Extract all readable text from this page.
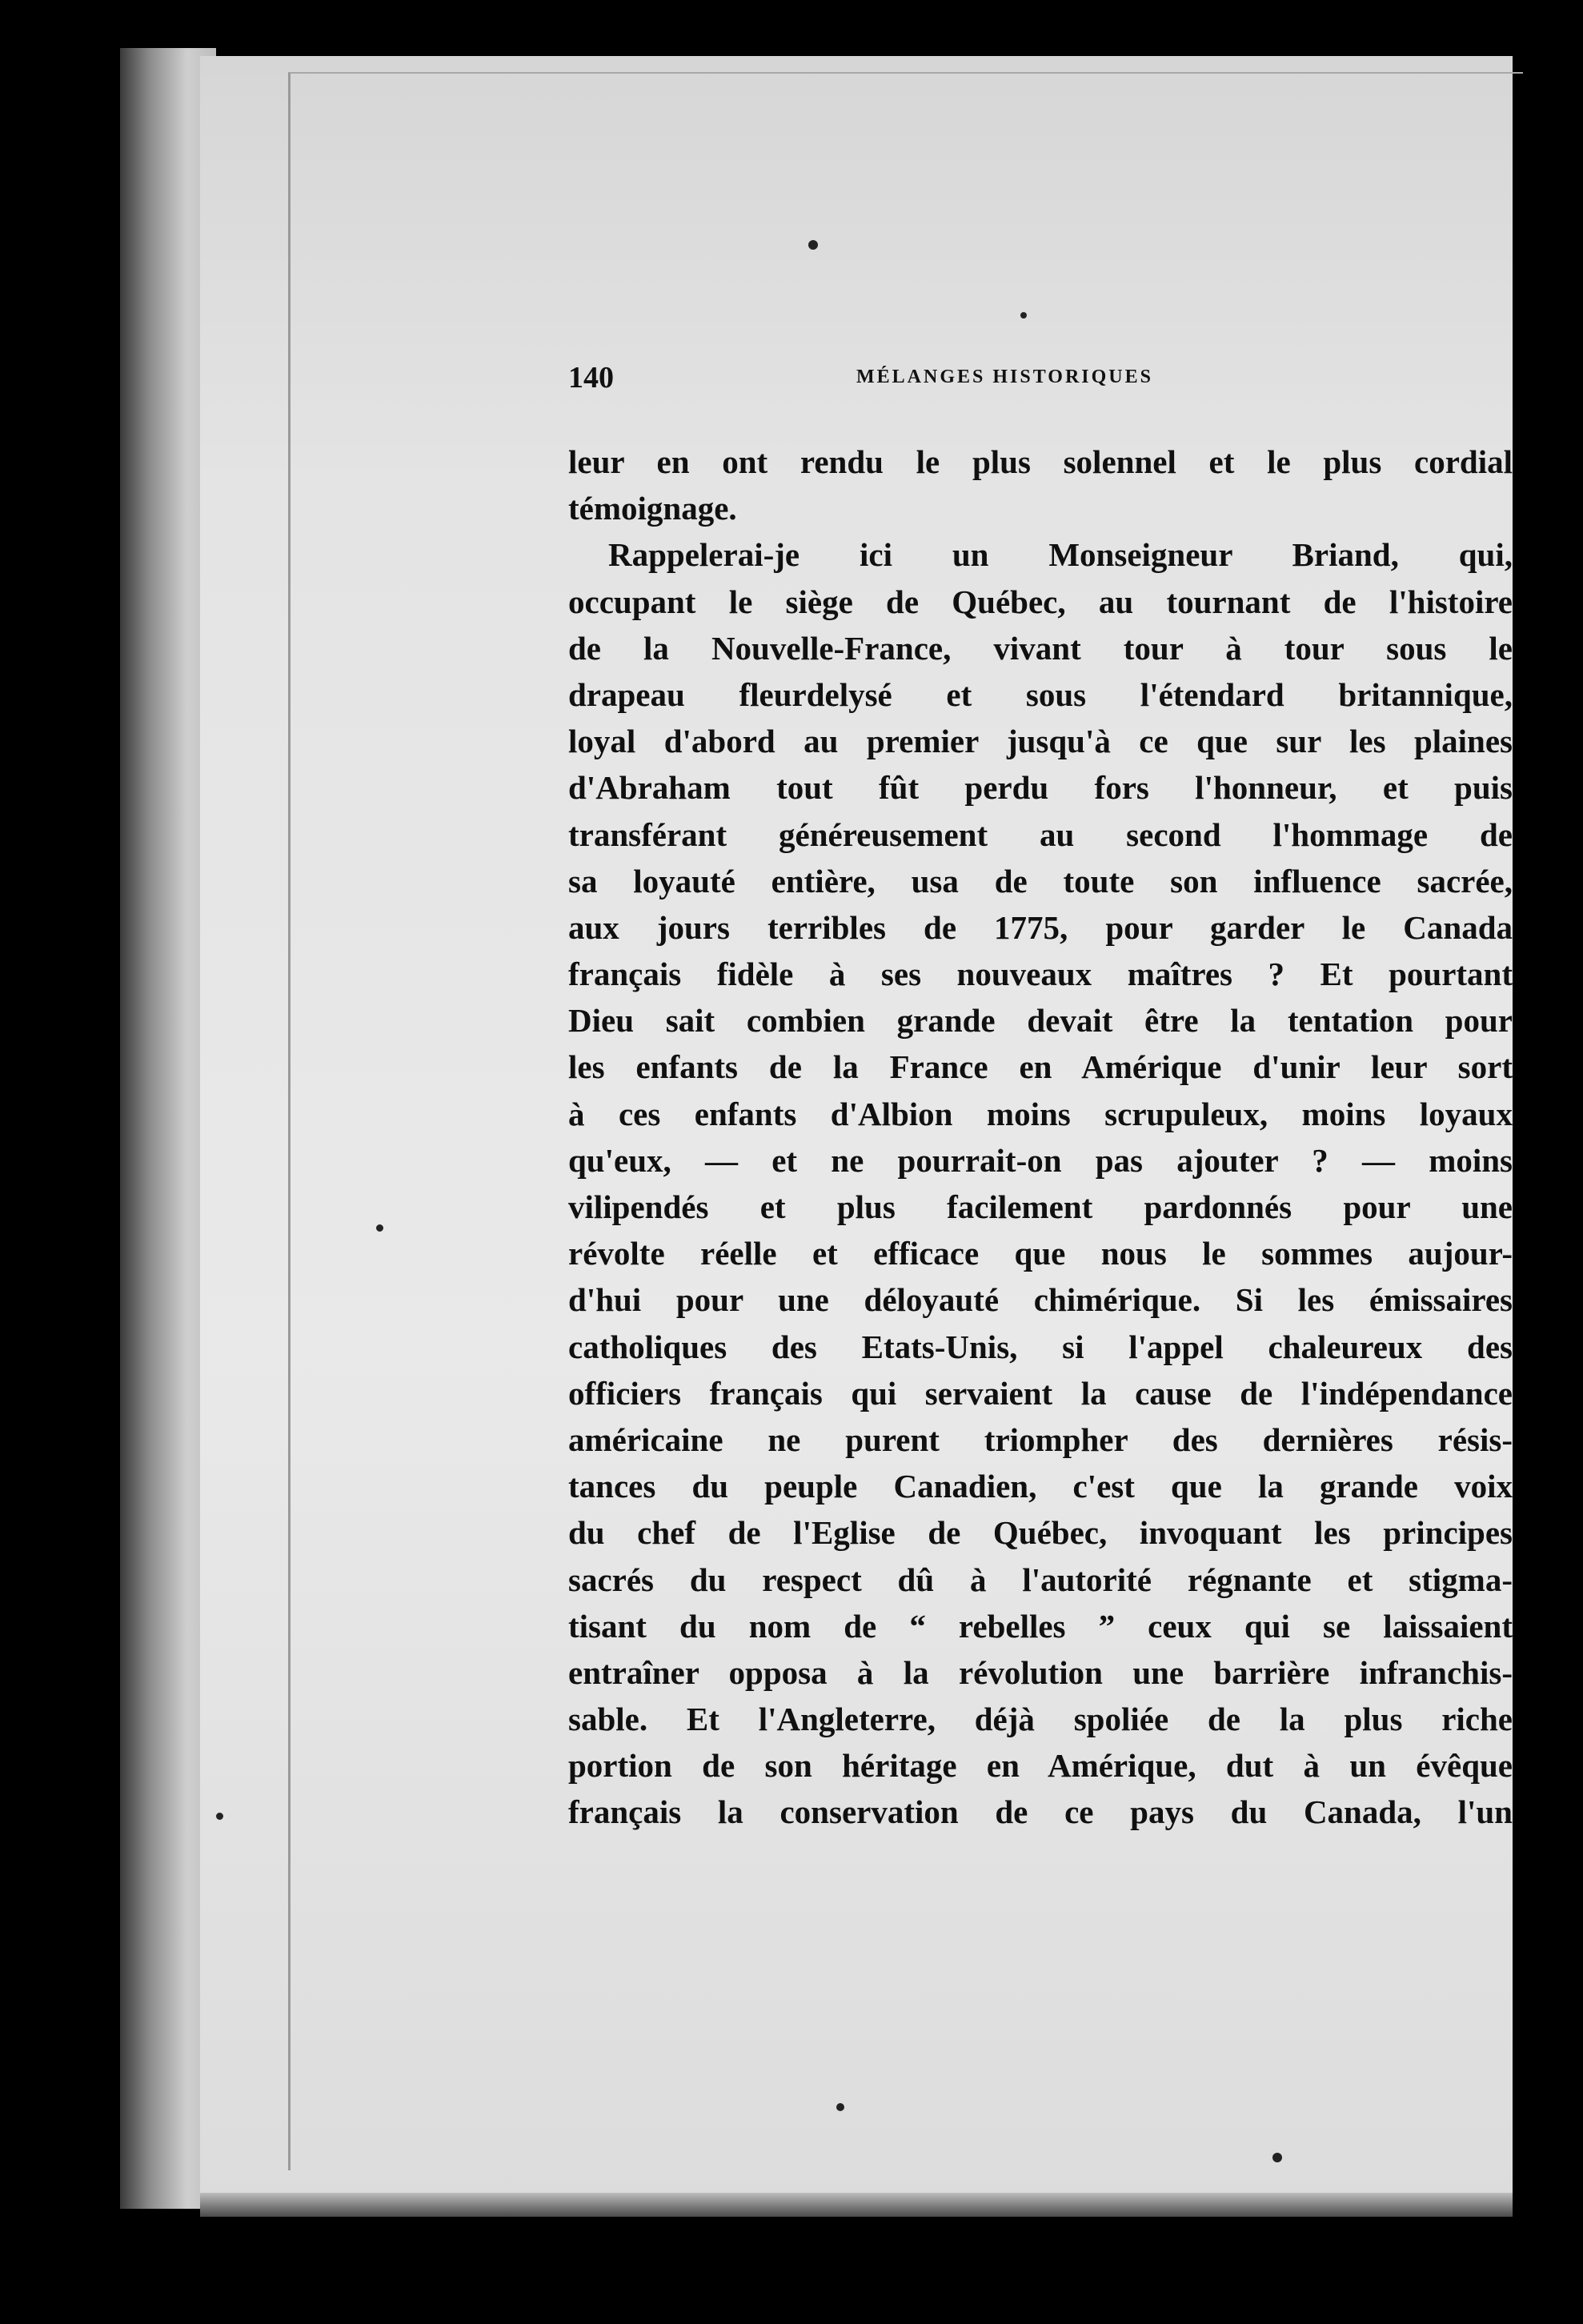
140	MÉLANGES HISTORIQUES
leur en ont rendu le plus solennel et le plus cordial
témoignage.
Rappelerai-je ici un Monseigneur Briand, qui,
occupant le siège de Québec, au tournant de l'histoire
de la Nouvelle-France, vivant tour à tour sous le
drapeau fleurdelysé et sous l'étendard britannique,
loyal d'abord au premier jusqu'à ce que sur les plaines
d'Abraham tout fût perdu fors l'honneur, et puis
transférant généreusement au second l'hommage de
sa loyauté entière, usa de toute son influence sacrée,
aux jours terribles de 1775, pour garder le Canada
français fidèle à ses nouveaux maîtres ? Et pourtant
Dieu sait combien grande devait être la tentation pour
les enfants de la France en Amérique d'unir leur sort
à ces enfants d'Albion moins scrupuleux, moins loyaux
qu'eux, — et ne pourrait-on pas ajouter ? — moins
vilipendés et plus facilement pardonnés pour une
révolte réelle et efficace que nous le sommes aujour-
d'hui pour une déloyauté chimérique. Si les émissaires
catholiques des Etats-Unis, si l'appel chaleureux des
officiers français qui servaient la cause de l'indépendance
américaine ne purent triompher des dernières résis-
tances du peuple Canadien, c'est que la grande voix
du chef de l'Eglise de Québec, invoquant les principes
sacrés du respect dû à l'autorité régnante et stigma-
tisant du nom de “ rebelles ” ceux qui se laissaient
entraîner opposa à la révolution une barrière infranchis-
sable. Et l'Angleterre, déjà spoliée de la plus riche
portion de son héritage en Amérique, dut à un évêque
français la conservation de ce pays du Canada, l'un
